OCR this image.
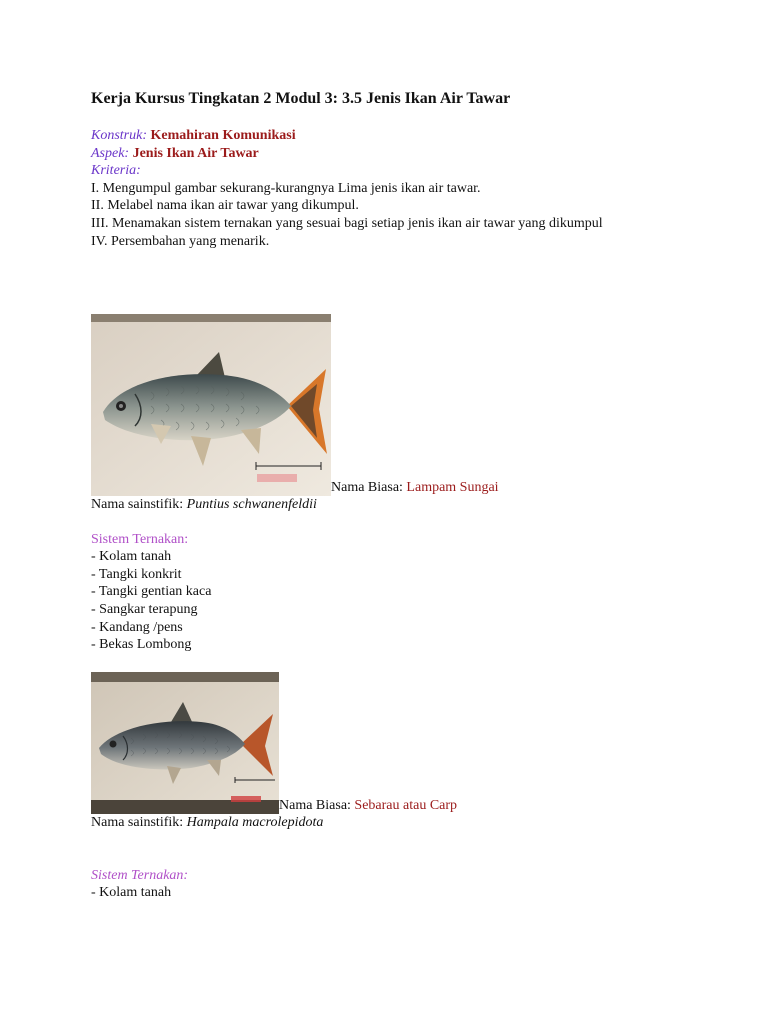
Kerja Kursus Tingkatan 2 Modul 3: 3.5 Jenis Ikan Air Tawar
Konstruk: Kemahiran Komunikasi
Aspek: Jenis Ikan Air Tawar
Kriteria:
I. Mengumpul gambar sekurang-kurangnya Lima jenis ikan air tawar.
II. Melabel nama ikan air tawar yang dikumpul.
III. Menamakan sistem ternakan yang sesuai bagi setiap jenis ikan air tawar yang dikumpul
IV. Persembahan yang menarik.
Nama Biasa: Lampam Sungai
Nama sainstifik: Puntius schwanenfeldii
Sistem Ternakan:
- Kolam tanah
- Tangki konkrit
- Tangki gentian kaca
- Sangkar terapung
- Kandang /pens
- Bekas Lombong
Nama Biasa: Sebarau atau Carp
Nama sainstifik: Hampala macrolepidota
Sistem Ternakan:
- Kolam tanah
